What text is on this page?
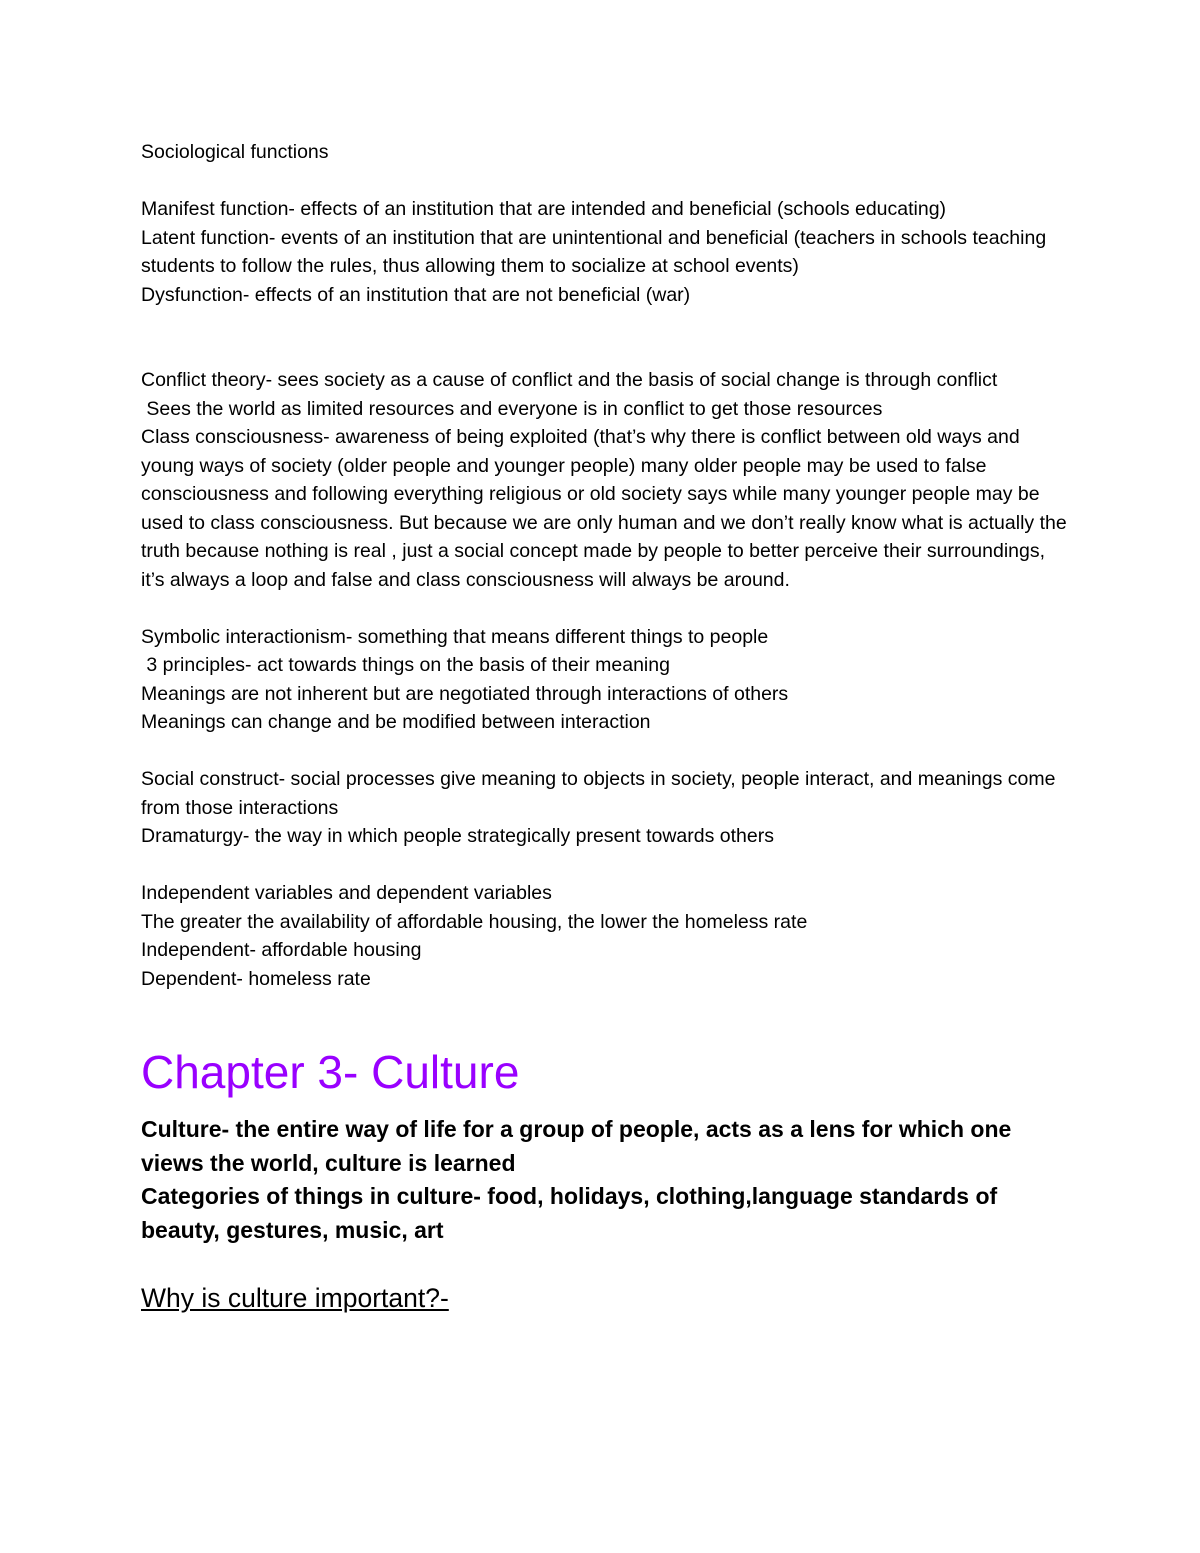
Sociological functions

Manifest function- effects of an institution that are intended and beneficial (schools educating)

Latent function- events of an institution that are unintentional and beneficial (teachers in schools teaching students to follow the rules, thus allowing them to socialize at school events)

Dysfunction- effects of an institution that are not beneficial (war)

Conflict theory- sees society as a cause of conflict and the basis of social change is through conflict

Sees the world as limited resources and everyone is in conflict to get those resources

Class consciousness- awareness of being exploited (that’s why there is conflict between old ways and young ways of society (older people and younger people) many older people may be used to false consciousness and following everything religious or old society says while many younger people may be used to class consciousness. But because we are only human and we don’t really know what is actually the truth because nothing is real , just a social concept made by people to better perceive their surroundings, it’s always a loop and false and class consciousness will always be around.

Symbolic interactionism- something that means different things to people

3 principles- act towards things on the basis of their meaning

Meanings are not inherent but are negotiated through interactions of others

Meanings can change and be modified between interaction

Social construct- social processes give meaning to objects in society, people interact, and meanings come from those interactions

Dramaturgy- the way in which people strategically present towards others

Independent variables and dependent variables

The greater the availability of affordable housing, the lower the homeless rate

Independent- affordable housing

Dependent- homeless rate

Chapter 3- Culture

Culture- the entire way of life for a group of people, acts as a lens for which one views the world, culture is learned

Categories of things in culture- food, holidays, clothing,language standards of beauty, gestures, music, art

Why is culture important?-
